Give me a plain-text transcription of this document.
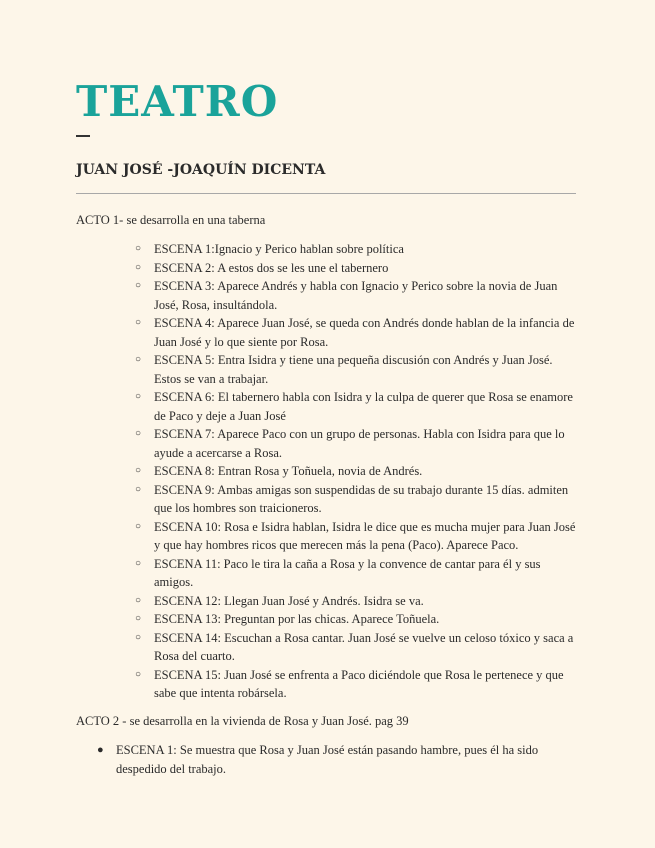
TEATRO
JUAN JOSÉ -JOAQUÍN DICENTA

ACTO 1- se desarrolla en una taberna

○ ESCENA 1:Ignacio y Perico hablan sobre política
○ ESCENA 2: A estos dos se les une el tabernero
○ ESCENA 3: Aparece Andrés y habla con Ignacio y Perico sobre la novia de Juan José, Rosa, insultándola.
○ ESCENA 4: Aparece Juan José, se queda con Andrés donde hablan de la infancia de Juan José y lo que siente por Rosa.
○ ESCENA 5: Entra Isidra y tiene una pequeña discusión con Andrés y Juan José. Estos se van a trabajar.
○ ESCENA 6: El tabernero habla con Isidra y la culpa de querer que Rosa se enamore de Paco y deje a Juan José
○ ESCENA 7: Aparece Paco con un grupo de personas. Habla con Isidra para que lo ayude a acercarse a Rosa.
○ ESCENA 8: Entran Rosa y Toñuela, novia de Andrés.
○ ESCENA 9: Ambas amigas son suspendidas de su trabajo durante 15 días. admiten que los hombres son traicioneros.
○ ESCENA 10: Rosa e Isidra hablan, Isidra le dice que es mucha mujer para Juan José y que hay hombres ricos que merecen más la pena (Paco). Aparece Paco.
○ ESCENA 11: Paco le tira la caña a Rosa y la convence de cantar para él y sus amigos.
○ ESCENA 12: Llegan Juan José y Andrés. Isidra se va.
○ ESCENA 13: Preguntan por las chicas. Aparece Toñuela.
○ ESCENA 14: Escuchan a Rosa cantar. Juan José se vuelve un celoso tóxico y saca a Rosa del cuarto.
○ ESCENA 15: Juan José se enfrenta a Paco diciéndole que Rosa le pertenece y que sabe que intenta robársela.

ACTO 2 - se desarrolla en la vivienda de Rosa y Juan José. pag 39

● ESCENA 1: Se muestra que Rosa y Juan José están pasando hambre, pues él ha sido despedido del trabajo.
